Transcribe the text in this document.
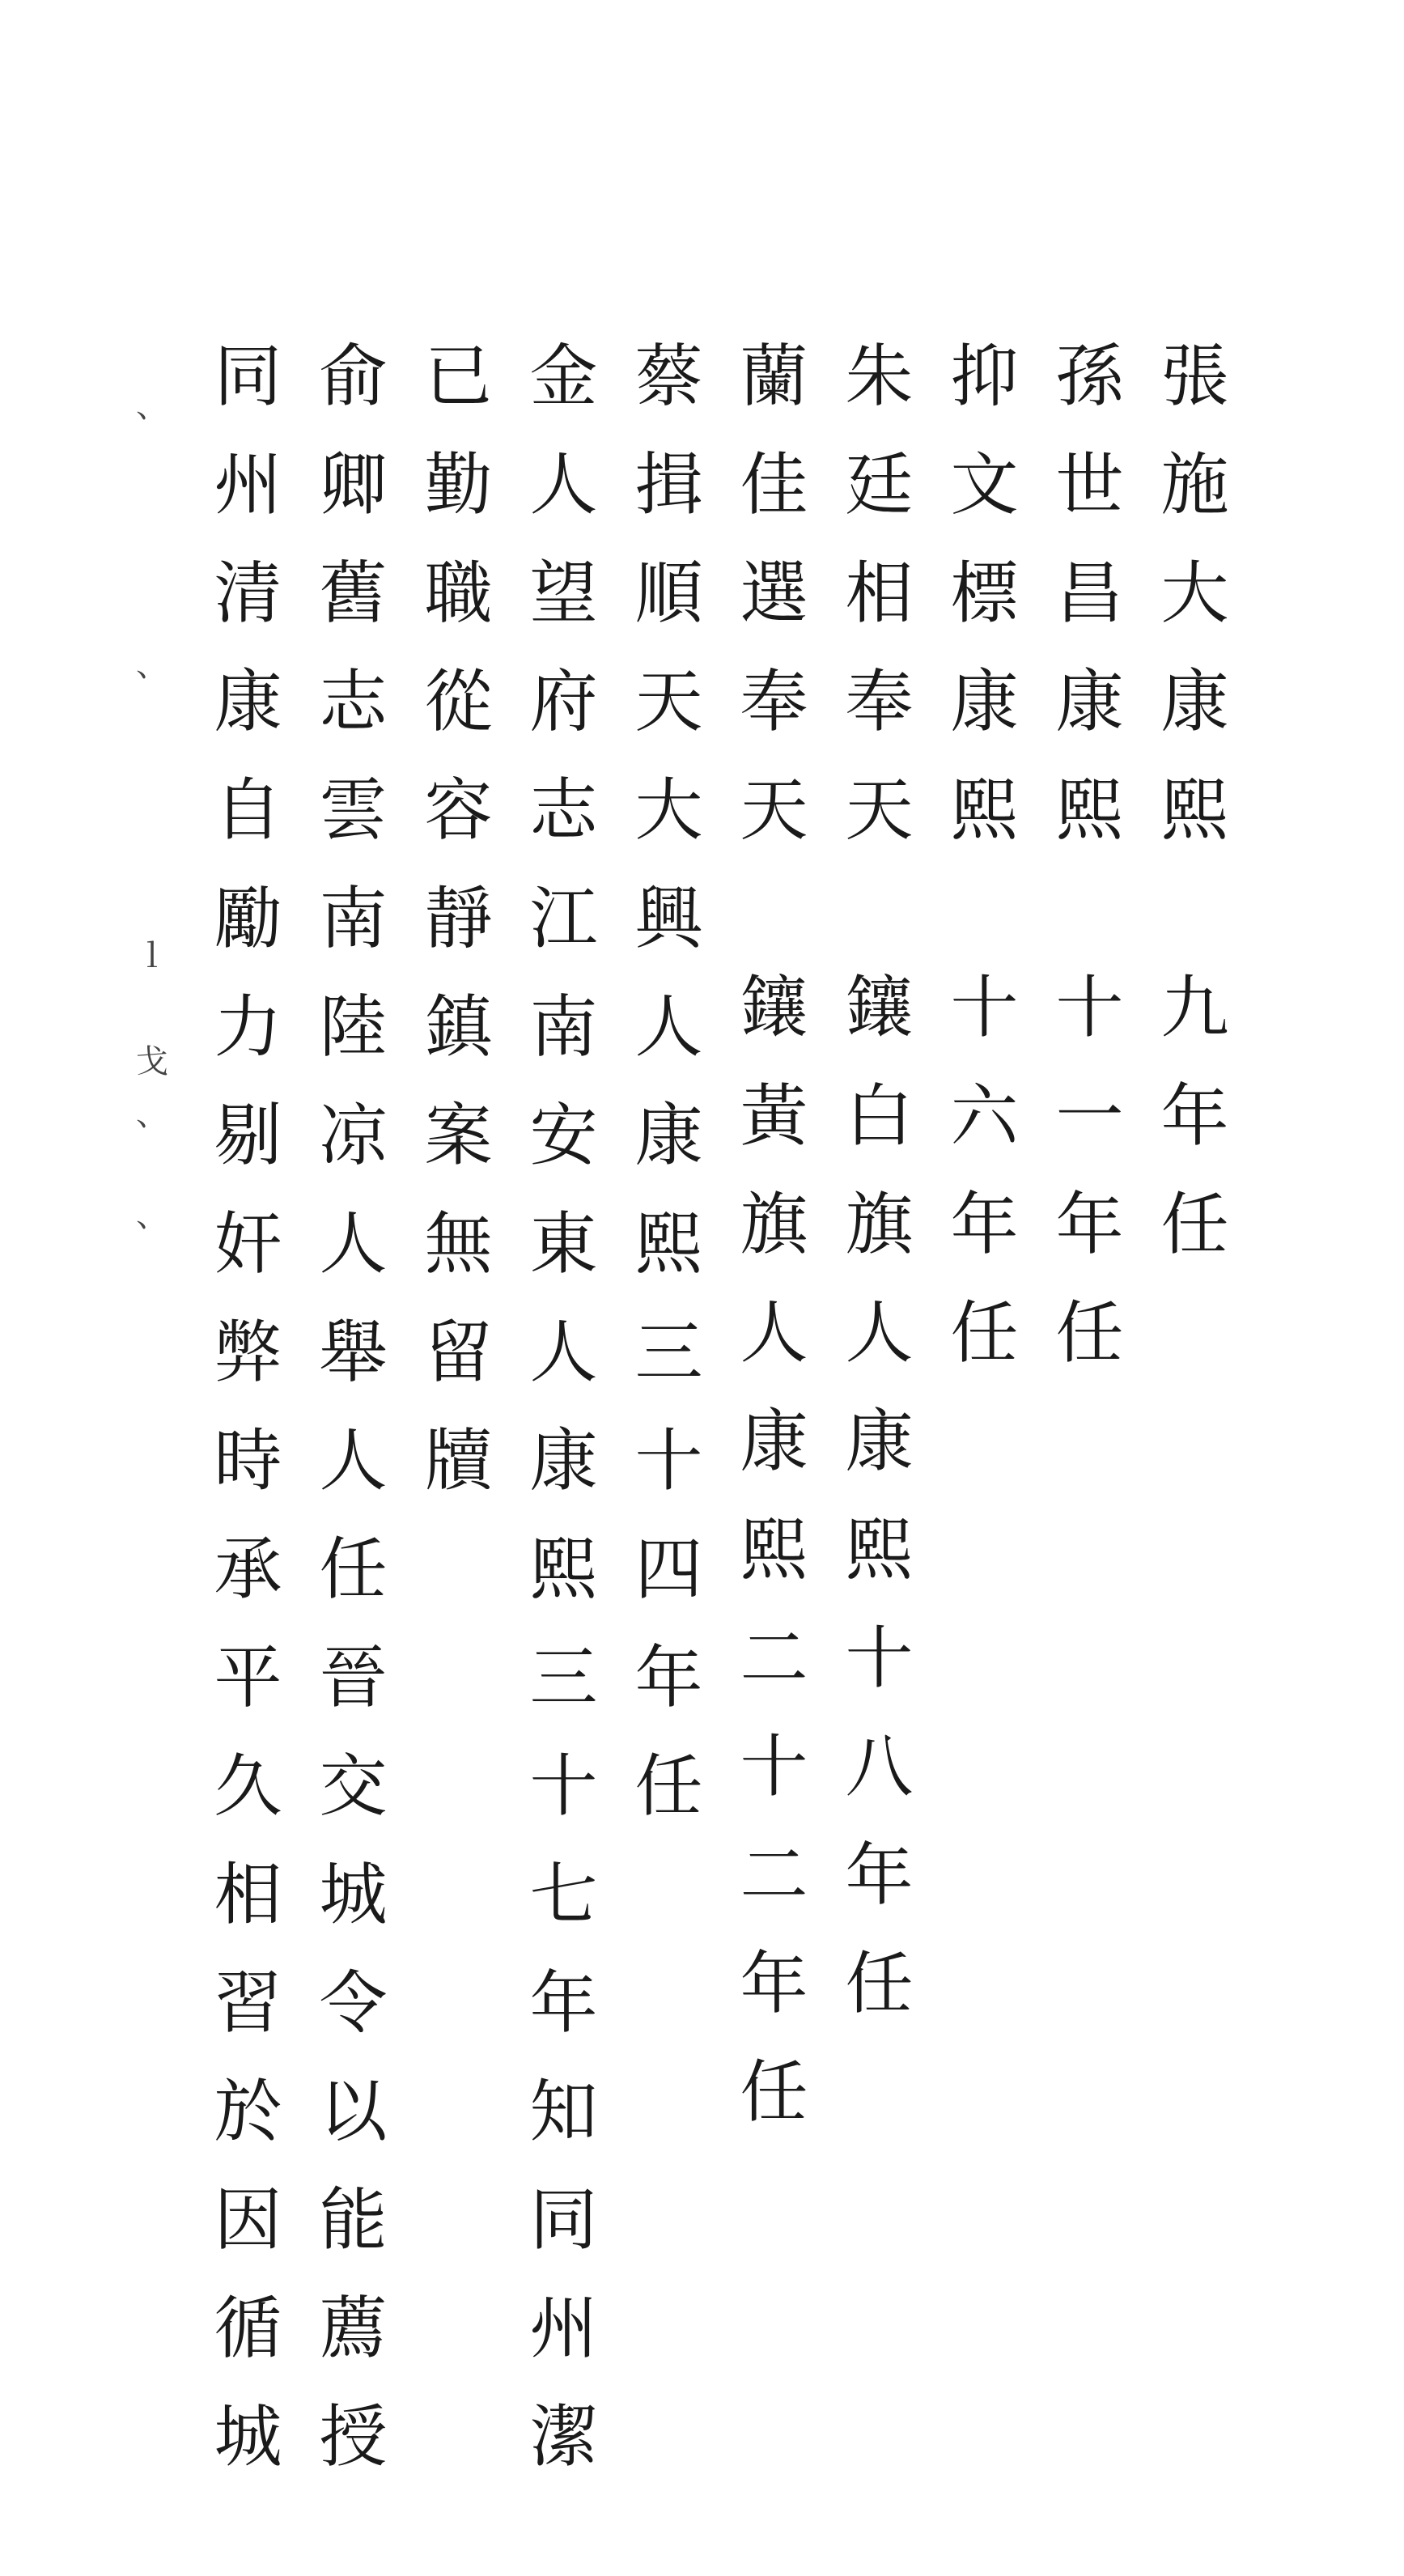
張施大康熙九年任
孫世昌康熙十一年任
抑文標康熙十六年任
朱廷相奉天鑲白旗人康熙十八年任
蘭佳選奉天鑲黃旗人康熙二十二年任
蔡揖順天大興人康熙三十四年任
金人望府志江南安東人康熙三十七年知同州潔
已勤職從容靜鎮案無留牘
俞卿舊志雲南陸凉人舉人任晉交城令以能薦授
同州清康自勵力剔奸弊時承平久相習於因循城
、
、
ｌ
戈
、
、
